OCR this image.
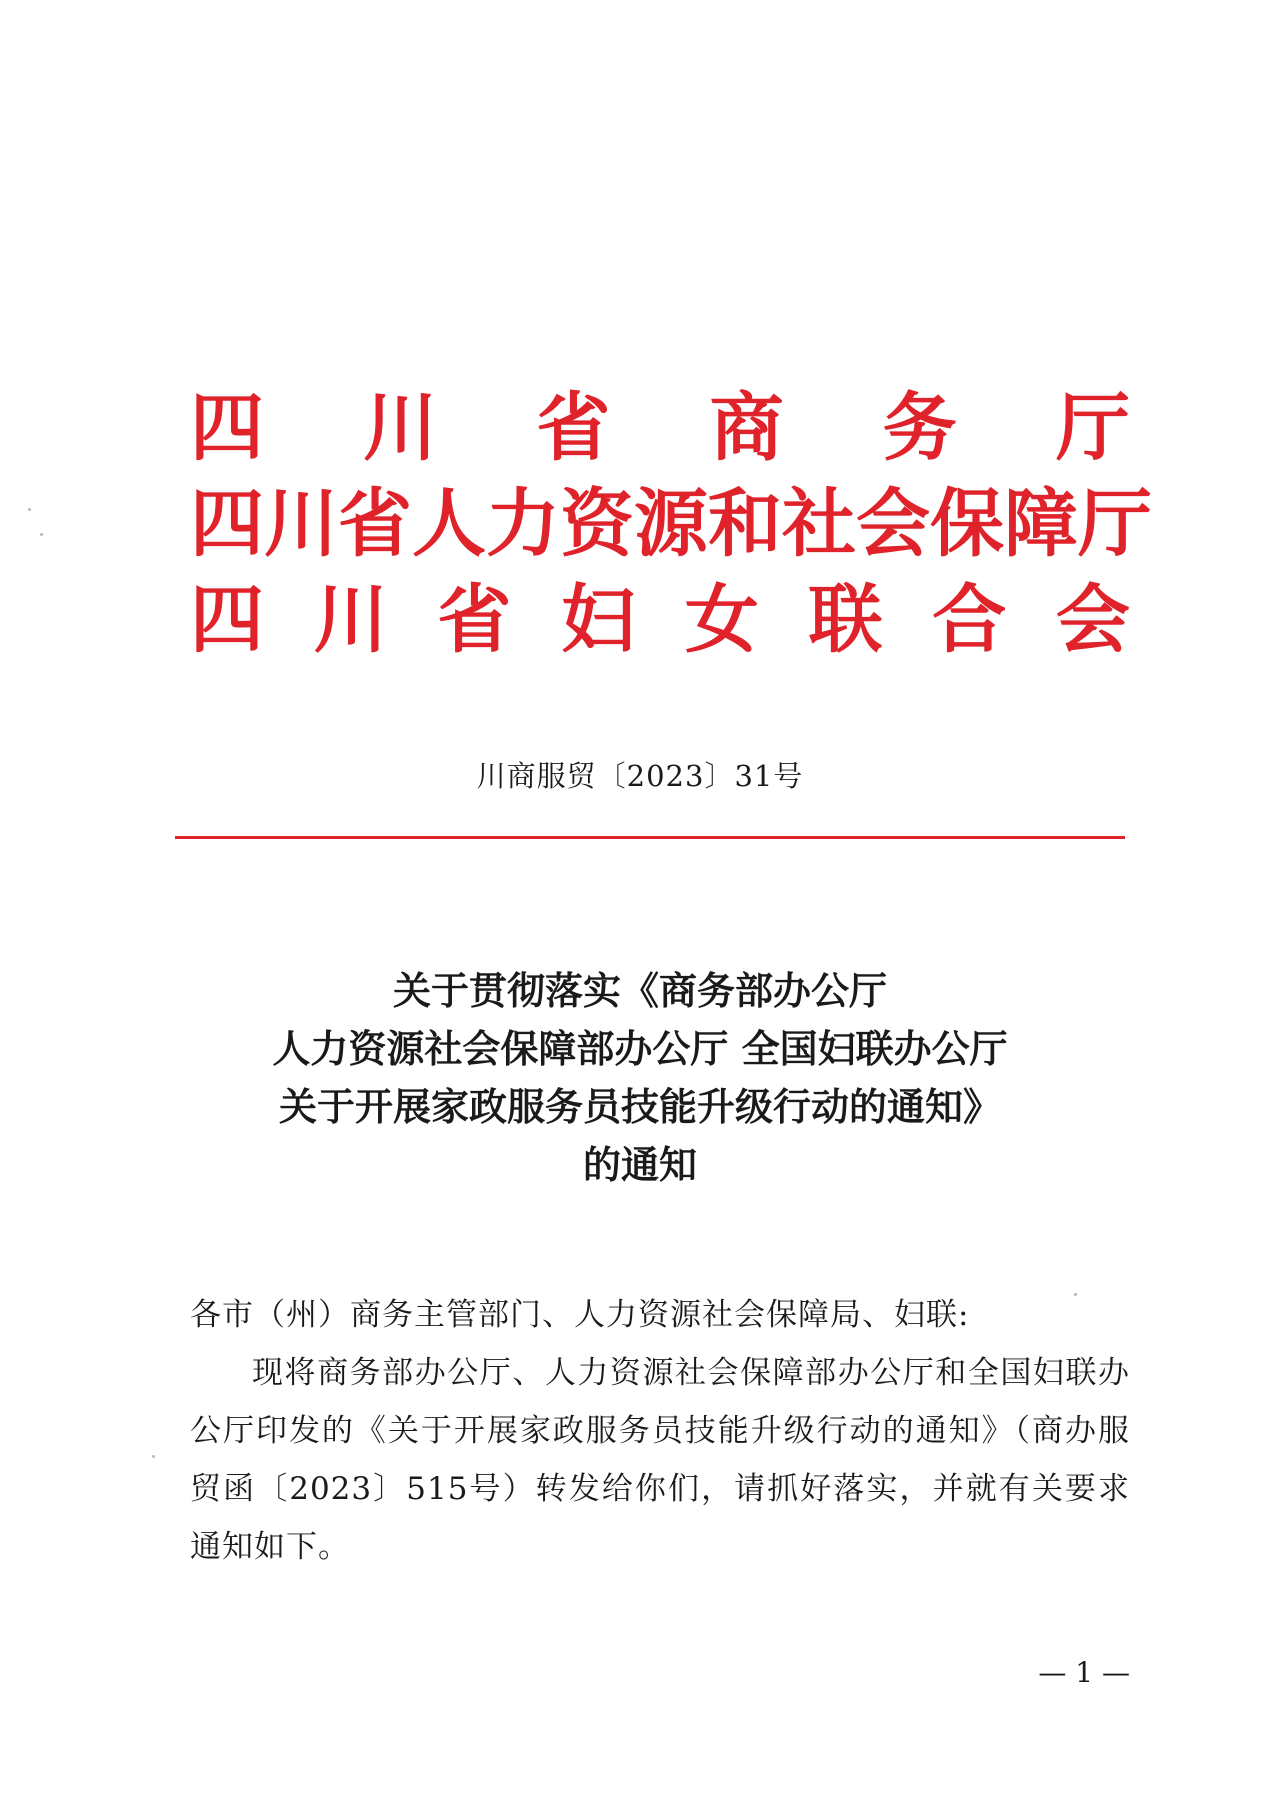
四 川 省 商 务 厅
四 川 省 人 力 资 源 和 社 会 保 障 厅
四 川 省 妇 女 联 合 会
川商服贸〔2023〕31号
关于贯彻落实《商务部办公厅
人力资源社会保障部办公厅 全国妇联办公厅
关于开展家政服务员技能升级行动的通知》
的通知

各市（州）商务主管部门、人力资源社会保障局、妇联:

现将商务部办公厅、人力资源社会保障部办公厅和全国妇联办公厅印发的《关于开展家政服务员技能升级行动的通知》（商办服贸函〔2023〕515号）转发给你们，请抓好落实，并就有关要求通知如下。

— 1 —
